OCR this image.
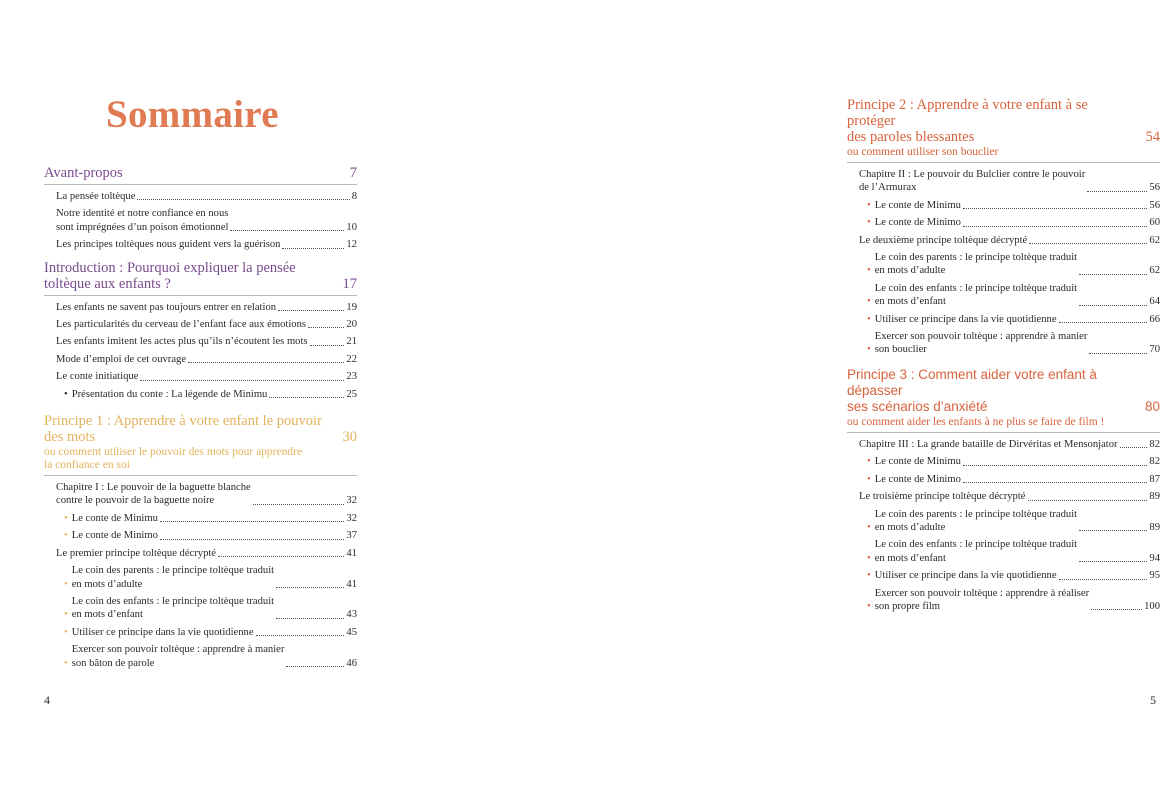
Sommaire
Avant-propos	7
La pensée toltèque	8
Notre identité et notre confiance en nous
sont imprégnées d’un poison émotionnel	10
Les principes toltèques nous guident vers la guérison	12
Introduction : Pourquoi expliquer la pensée
toltèque aux enfants ?	17
Les enfants ne savent pas toujours entrer en relation	19
Les particularités du cerveau de l’enfant face aux émotions	20
Les enfants imitent les actes plus qu’ils n’écoutent les mots	21
Mode d’emploi de cet ouvrage	22
Le conte initiatique	23
• Présentation du conte : La légende de Minimu	25
Principe 1 : Apprendre à votre enfant le pouvoir
des mots	30
ou comment utiliser le pouvoir des mots pour apprendre
la confiance en soi
Chapitre I : Le pouvoir de la baguette blanche
contre le pouvoir de la baguette noire	32
• Le conte de Minimu	32
• Le conte de Minimo	37
Le premier principe toltèque décrypté	41
•
Le coin des parents : le principe toltèque traduit
en mots d’adulte	41
•
Le coin des enfants : le principe toltèque traduit
en mots d’enfant	43
• Utiliser ce principe dans la vie quotidienne	45
•
Exercer son pouvoir toltèque : apprendre à manier
son bâton de parole	46
4
Principe 2 : Apprendre à votre enfant à se protéger
des paroles blessantes	54
ou comment utiliser son bouclier
Chapitre II : Le pouvoir du Bulclier contre le pouvoir
de l’Armurax	56
• Le conte de Minimu	56
• Le conte de Minimo	60
Le deuxième principe toltèque décrypté	62
•
Le coin des parents : le principe toltèque traduit
en mots d’adulte	62
•
Le coin des enfants : le principe toltèque traduit
en mots d’enfant	64
• Utiliser ce principe dans la vie quotidienne	66
•
Exercer son pouvoir toltèque : apprendre à manier
son bouclier	70
Principe 3 : Comment aider votre enfant à dépasser
ses scénarios d’anxiété	80
ou comment aider les enfants à ne plus se faire de film !
Chapitre III : La grande bataille de Dirvéritas et Mensonjator	82
• Le conte de Minimu	82
• Le conte de Minimo	87
Le troisième principe toltèque décrypté	89
•
Le coin des parents : le principe toltèque traduit
en mots d’adulte	89
•
Le coin des enfants : le principe toltèque traduit
en mots d’enfant	94
• Utiliser ce principe dans la vie quotidienne	95
•
Exercer son pouvoir toltèque : apprendre à réaliser
son propre film	100
5
